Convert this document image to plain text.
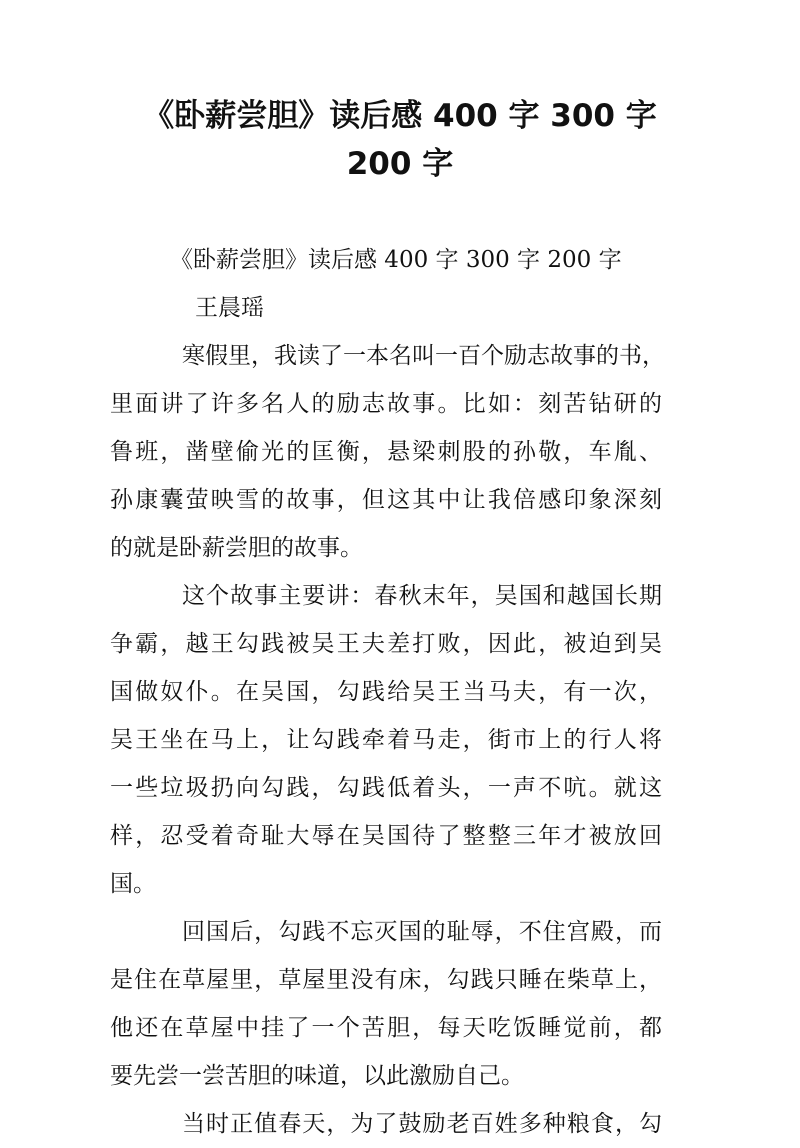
《卧薪尝胆》读后感 400 字 300 字
200 字
《卧薪尝胆》读后感 400 字 300 字 200 字
王晨瑶
寒假里，我读了一本名叫一百个励志故事的书，
里面讲了许多名人的励志故事。比如：刻苦钻研的
鲁班，凿壁偷光的匡衡，悬梁刺股的孙敬，车胤、
孙康囊萤映雪的故事，但这其中让我倍感印象深刻
的就是卧薪尝胆的故事。
这个故事主要讲：春秋末年，吴国和越国长期
争霸，越王勾践被吴王夫差打败，因此，被迫到吴
国做奴仆。在吴国，勾践给吴王当马夫，有一次，
吴王坐在马上，让勾践牵着马走，街市上的行人将
一些垃圾扔向勾践，勾践低着头，一声不吭。就这
样，忍受着奇耻大辱在吴国待了整整三年才被放回
国。
回国后，勾践不忘灭国的耻辱，不住宫殿，而
是住在草屋里，草屋里没有床，勾践只睡在柴草上，
他还在草屋中挂了一个苦胆，每天吃饭睡觉前，都
要先尝一尝苦胆的味道，以此激励自己。
当时正值春天，为了鼓励老百姓多种粮食，勾
